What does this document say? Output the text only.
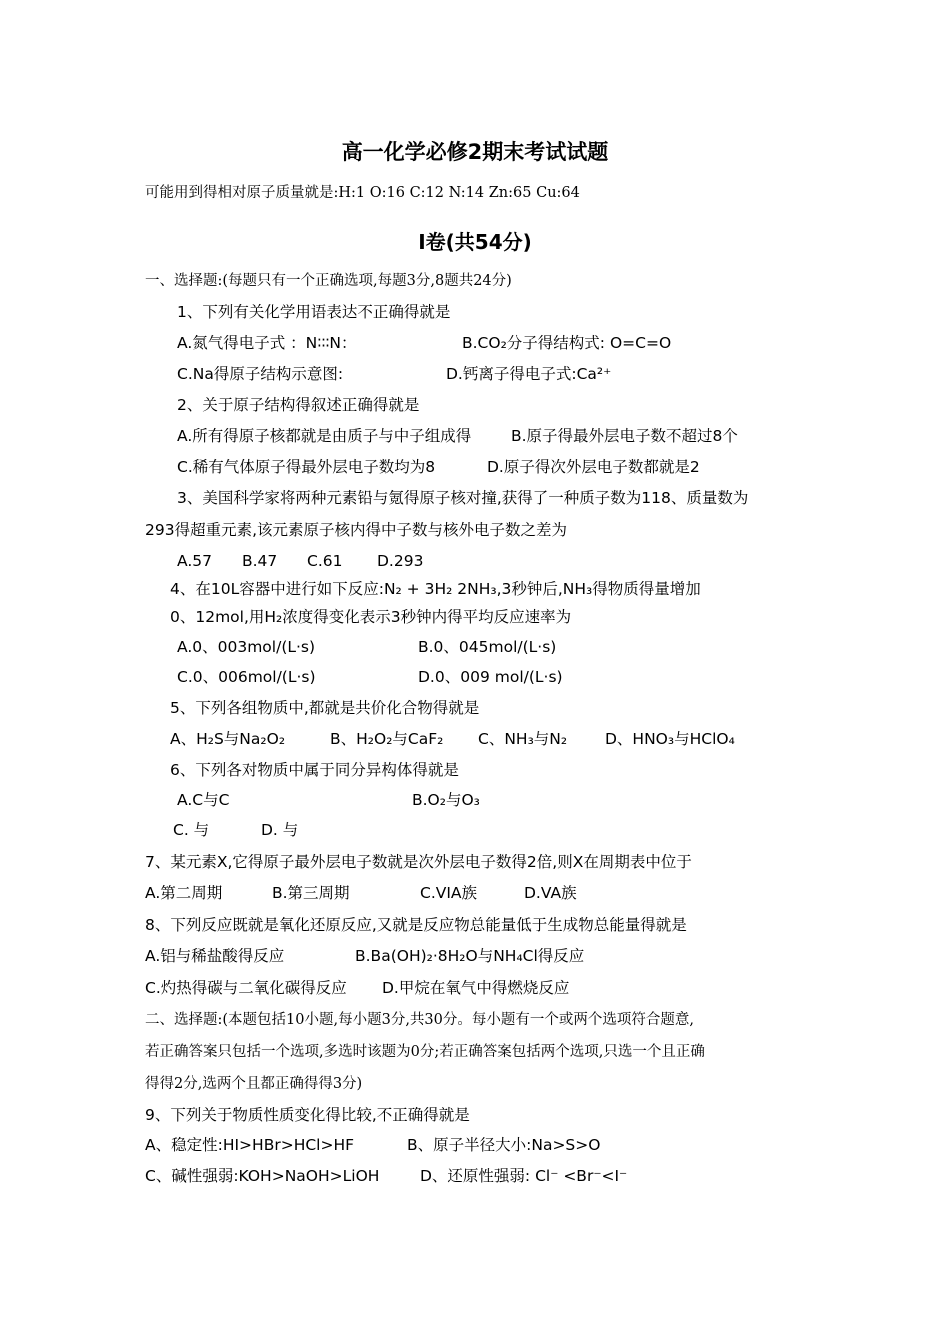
高一化学必修2期末考试试题
可能用到得相对原子质量就是:H:1 O:16 C:12 N:14 Zn:65 Cu:64
I卷(共54分)
一、选择题:(每题只有一个正确选项,每题3分,8题共24分)
1、下列有关化学用语表达不正确得就是
A.氮气得电子式 ：N∶∶∶N：	B.CO₂分子得结构式: O=C=O
C.Na得原子结构示意图:	D.钙离子得电子式:Ca²⁺
2、关于原子结构得叙述正确得就是
A.所有得原子核都就是由质子与中子组成得	B.原子得最外层电子数不超过8个
C.稀有气体原子得最外层电子数均为8	D.原子得次外层电子数都就是2
3、美国科学家将两种元素铅与氪得原子核对撞,获得了一种质子数为118、质量数为
293得超重元素,该元素原子核内得中子数与核外电子数之差为
A.57 B.47 C.61 D.293
4、在10L容器中进行如下反应:N₂ + 3H₂ 2NH₃,3秒钟后,NH₃得物质得量增加
0、12mol,用H₂浓度得变化表示3秒钟内得平均反应速率为
A.0、003mol/(L·s)	B.0、045mol/(L·s)
C.0、006mol/(L·s)	D.0、009 mol/(L·s)
5、下列各组物质中,都就是共价化合物得就是
A、H₂S与Na₂O₂	B、H₂O₂与CaF₂ C、NH₃与N₂ D、HNO₃与HClO₄
6、下列各对物质中属于同分异构体得就是
A.C与C	B.O₂与O₃
C. 与	D. 与
7、某元素X,它得原子最外层电子数就是次外层电子数得2倍,则X在周期表中位于
A.第二周期	B.第三周期	C.VIA族	D.VA族
8、下列反应既就是氧化还原反应,又就是反应物总能量低于生成物总能量得就是
A.铝与稀盐酸得反应	B.Ba(OH)₂·8H₂O与NH₄Cl得反应
C.灼热得碳与二氧化碳得反应 D.甲烷在氧气中得燃烧反应
二、选择题:(本题包括10小题,每小题3分,共30分。每小题有一个或两个选项符合题意,
若正确答案只包括一个选项,多选时该题为0分;若正确答案包括两个选项,只选一个且正确
得得2分,选两个且都正确得得3分)
9、下列关于物质性质变化得比较,不正确得就是
A、稳定性:HI>HBr>HCl>HF	B、原子半径大小:Na>S>O
C、碱性强弱:KOH>NaOH>LiOH	D、还原性强弱: Cl⁻ <Br⁻<I⁻
